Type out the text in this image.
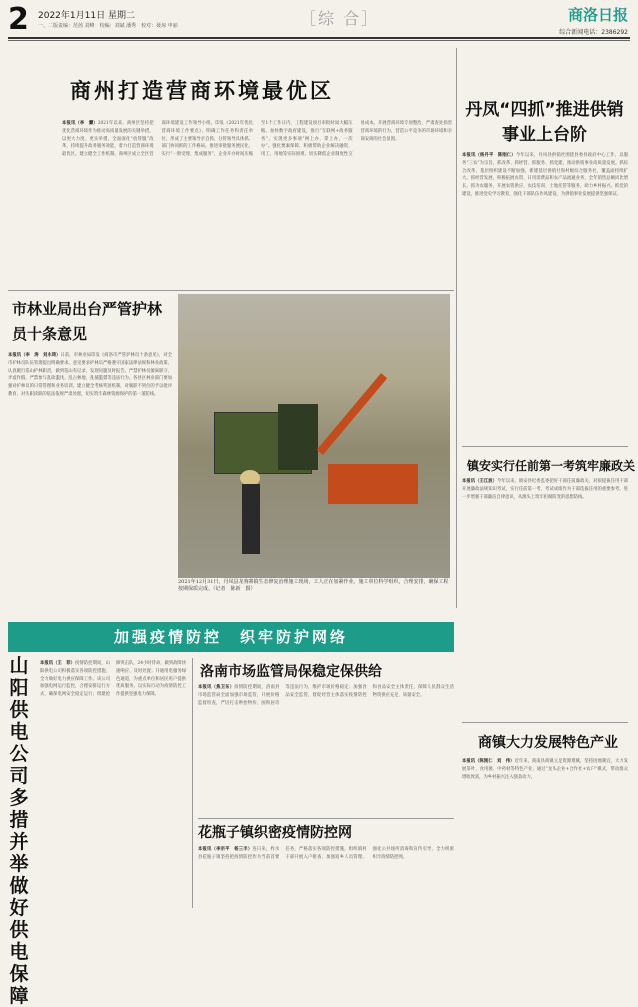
2 2022年1月11日 星期二
一、二版责编：范茜 刘峰　校编：刘斌 潘秀　校对：聂琼 申丽	［综 合］	商洛日报
综合新闻电话：2386292
商州打造营商环境最优区
本报讯（李　灏）2021年以来，商州区坚持把优化营商环境作为推动高质量发展的关键举措，以更大力度、更实举措，全面深化“放管服”改革，持续提升政务服务效能，着力打造营商环境最优区。建立健全工作机制。商州区成立全区营商环境建设工作领导小组，印发《2021年优化营商环境工作要点》，明确工作任务和责任单位，形成了主要领导亲自抓、分管领导具体抓、部门协同抓的工作格局。推进审批服务便民化，实行“一窗受理、集成服务”，企业开办时间压缩至1个工作日内，工程建设项目审批时间大幅压缩。加快数字政府建设，推行“互联网+政务服务”，实现更多事项“网上办、掌上办、一次办”。强化要素保障，积极帮助企业解决融资、用工、用地等实际困难，切实降低企业制度性交易成本。开展营商环境专项整治，严肃查处损害营商环境的行为，营造公平竞争的市场环境和亲商安商的社会氛围。
丹凤“四抓”推进供销事业上台阶
本报讯（杨丹平　陈刚仁）今年以来，丹凤县供销社围绕县委县政府中心工作，以服务“三农”为宗旨，抓改革、抓经营、抓服务、抓党建，推动供销事业高质量发展。抓综合改革，基层组织建设不断加强，新建基层供销社和村级综合服务社，覆盖面持续扩大。抓经营发展，积极拓展农资、日用消费品和农产品流通业务，全年销售总额同比增长。抓为农服务，开展农资供应、农技培训、土地托管等服务，助力乡村振兴。抓党的建设，推进党史学习教育，强化干部队伍作风建设，为供销事业发展提供坚强保证。
市林业局出台严管护林员十条意见
本报讯（李　涛　刘永琦）日前，市林业局印发《商洛市严管护林员十条意见》，对全市护林员队伍管理提出明确要求。意见要求护林员严格遵守国家法律法规和林业政策，认真履行巡山护林职责，做到巡山有记录、发现问题及时报告。严禁护林员擅离职守、弄虚作假，严禁参与乱砍滥伐、乱占林地、乱捕滥猎等违法行为。各县区林业部门要加强对护林员的日常管理和业务培训，建立健全考核奖惩机制，对履职不到位的予以批评教育，对失职渎职的依法依规严肃处理，切实筑牢森林资源保护的第一道防线。
2021年12月31日，丹凤县龙驹寨镇生态修复治理施工现场，工人正在加紧作业。施工单位科学组织，合理安排，确保工程按期保质完成。（记者　陈新　摄）
镇安实行任前第一考筑牢廉政关
本报讯（王江波）今年以来，镇安县纪委监委把好干部任前廉政关，对拟提拔任用干部开展廉政法规知识考试，实行任前第一考，考试成绩作为干部选拔任用的重要参考，进一步增强干部廉洁自律意识，从源头上筑牢拒腐防变的思想防线。
商镇大力发展特色产业
本报讯（陈刚仁　刘　伟）近年来，商南县商镇立足资源禀赋，坚持因地制宜，大力发展茶叶、食用菌、中药材等特色产业，通过“龙头企业+合作社+农户”模式，带动群众增收致富，为乡村振兴注入强劲动力。
加强疫情防控　织牢防护网络
山阳供电公司多措并举做好供电保障
本报讯（王　菲）疫情防控期间，山阳供电公司积极落实各项防控措施，全力做好电力供应保障工作。该公司加强电网运行监控，合理安排运行方式，确保电网安全稳定运行；组建抢修突击队，24小时待命，做到故障快速响应、及时处置；开通用电服务绿色通道，为重点单位和居民用户提供优质服务，以实际行动为疫情防控工作提供坚强电力保障。
洛南市场监管局保稳定保供给
本报讯（焦卫东）疫情防控期间，洛南县市场监管局全面加强市场监管，开展价格监督检查，严厉打击哄抬物价、囤积居奇等违法行为，维护市场价格稳定；加强食品安全监管，督促经营主体落实疫情防控和食品安全主体责任，保障人民群众生活物资供应充足、质量安全。
花瓶子镇织密疫情防控网
本报讯（李宗平　杨三丰）连日来，柞水县花瓶子镇坚持把疫情防控作为当前首要任务，严格落实各项防控措施，组织镇村干部开展入户排查，加强返乡人员管理，强化公共场所消毒和宣传引导，全力织密织牢疫情防控网。
